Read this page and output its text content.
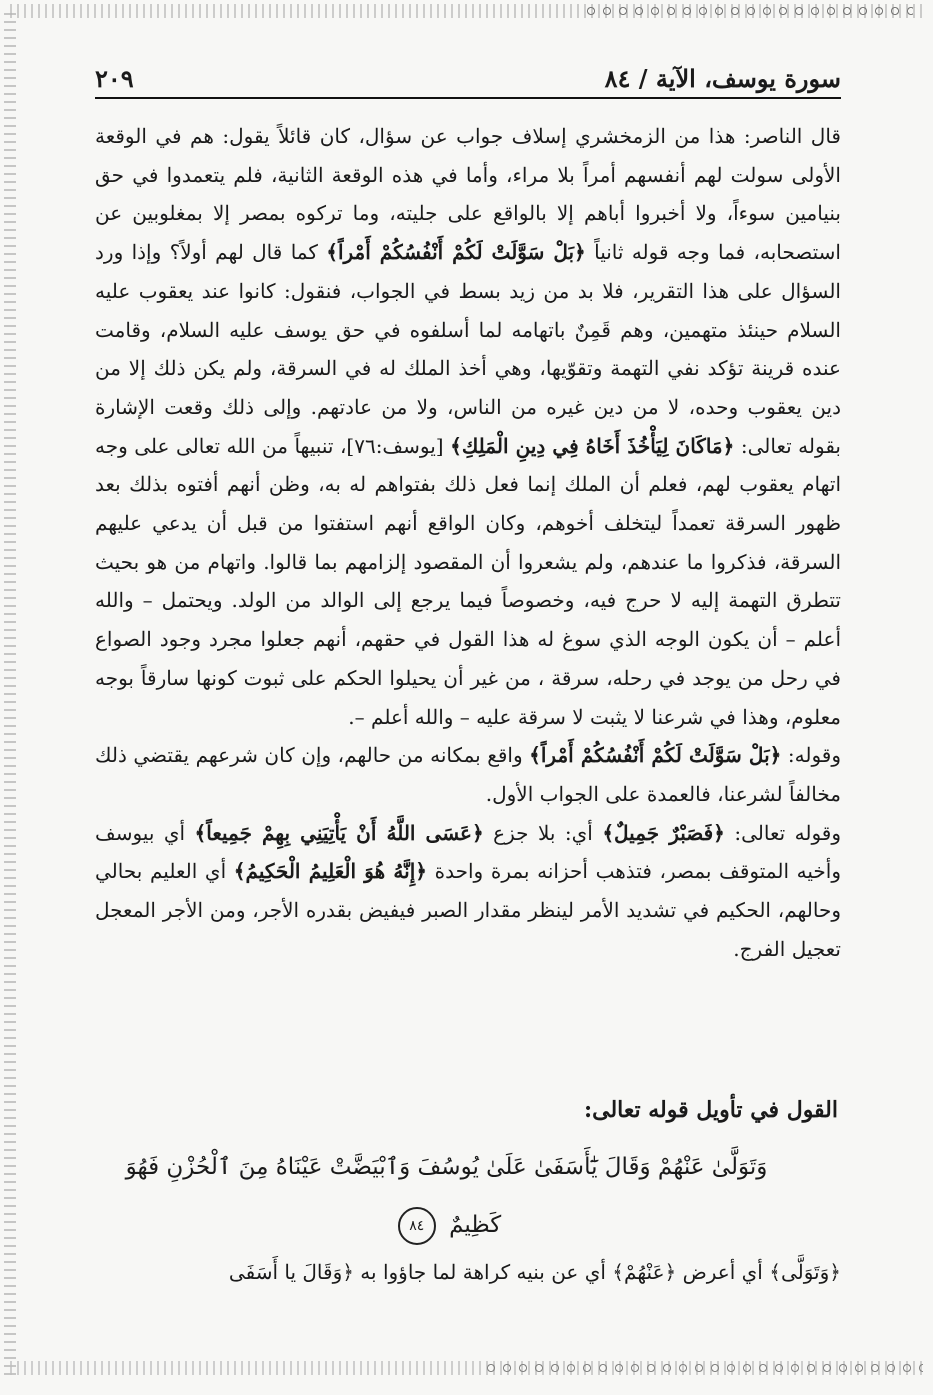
سورة يوسف، الآية / ٨٤
٢٠٩

قال الناصر: هذا من الزمخشري إسلاف جواب عن سؤال، كان قائلاً يقول: هم في الوقعة الأولى سولت لهم أنفسهم أمراً بلا مراء، وأما في هذه الوقعة الثانية، فلم يتعمدوا في حق بنيامين سوءاً، ولا أخبروا أباهم إلا بالواقع على جليته، وما تركوه بمصر إلا بمغلوبين عن استصحابه، فما وجه قوله ثانياً ﴿بَلْ سَوَّلَتْ لَكُمْ أَنْفُسُكُمْ أَمْراً﴾ كما قال لهم أولاً؟ وإذا ورد السؤال على هذا التقرير، فلا بد من زيد بسط في الجواب، فنقول: كانوا عند يعقوب عليه السلام حينئذ متهمين، وهم قَمِنٌ باتهامه لما أسلفوه في حق يوسف عليه السلام، وقامت عنده قرينة تؤكد نفي التهمة وتقوّيها، وهي أخذ الملك له في السرقة، ولم يكن ذلك إلا من دين يعقوب وحده، لا من دين غيره من الناس، ولا من عادتهم. وإلى ذلك وقعت الإشارة بقوله تعالى: ﴿مَاكَانَ لِيَأْخُذَ أَخَاهُ فِي دِينِ الْمَلِكِ﴾ [يوسف:٧٦]، تنبيهاً من الله تعالى على وجه اتهام يعقوب لهم، فعلم أن الملك إنما فعل ذلك بفتواهم له به، وظن أنهم أفتوه بذلك بعد ظهور السرقة تعمداً ليتخلف أخوهم، وكان الواقع أنهم استفتوا من قبل أن يدعي عليهم السرقة، فذكروا ما عندهم، ولم يشعروا أن المقصود إلزامهم بما قالوا. واتهام من هو بحيث تتطرق التهمة إليه لا حرج فيه، وخصوصاً فيما يرجع إلى الوالد من الولد. ويحتمل – والله أعلم – أن يكون الوجه الذي سوغ له هذا القول في حقهم، أنهم جعلوا مجرد وجود الصواع في رحل من يوجد في رحله، سرقة ، من غير أن يحيلوا الحكم على ثبوت كونها سارقاً بوجه معلوم، وهذا في شرعنا لا يثبت لا سرقة عليه – والله أعلم –.

وقوله: ﴿بَلْ سَوَّلَتْ لَكُمْ أَنْفُسُكُمْ أَمْراً﴾ واقع بمكانه من حالهم، وإن كان شرعهم يقتضي ذلك مخالفاً لشرعنا، فالعمدة على الجواب الأول.

وقوله تعالى: ﴿فَصَبْرٌ جَمِيلٌ﴾ أي: بلا جزع ﴿عَسَى اللَّهُ أَنْ يَأْتِيَنِي بِهِمْ جَمِيعاً﴾ أي بيوسف وأخيه المتوقف بمصر، فتذهب أحزانه بمرة واحدة ﴿إِنَّهُ هُوَ الْعَلِيمُ الْحَكِيمُ﴾ أي العليم بحالي وحالهم، الحكيم في تشديد الأمر لينظر مقدار الصبر فيفيض بقدره الأجر، ومن الأجر المعجل تعجيل الفرج.

القول في تأويل قوله تعالى:
وَتَوَلَّىٰ عَنْهُمْ وَقَالَ يَٰٓأَسَفَىٰ عَلَىٰ يُوسُفَ وَٱبْيَضَّتْ عَيْنَاهُ مِنَ ٱلْحُزْنِ فَهُوَ كَظِيمٌ ٨٤
﴿وَتَوَلَّى﴾ أي أعرض ﴿عَنْهُمْ﴾ أي عن بنيه كراهة لما جاؤوا به ﴿وَقَالَ يا أَسَفَى
